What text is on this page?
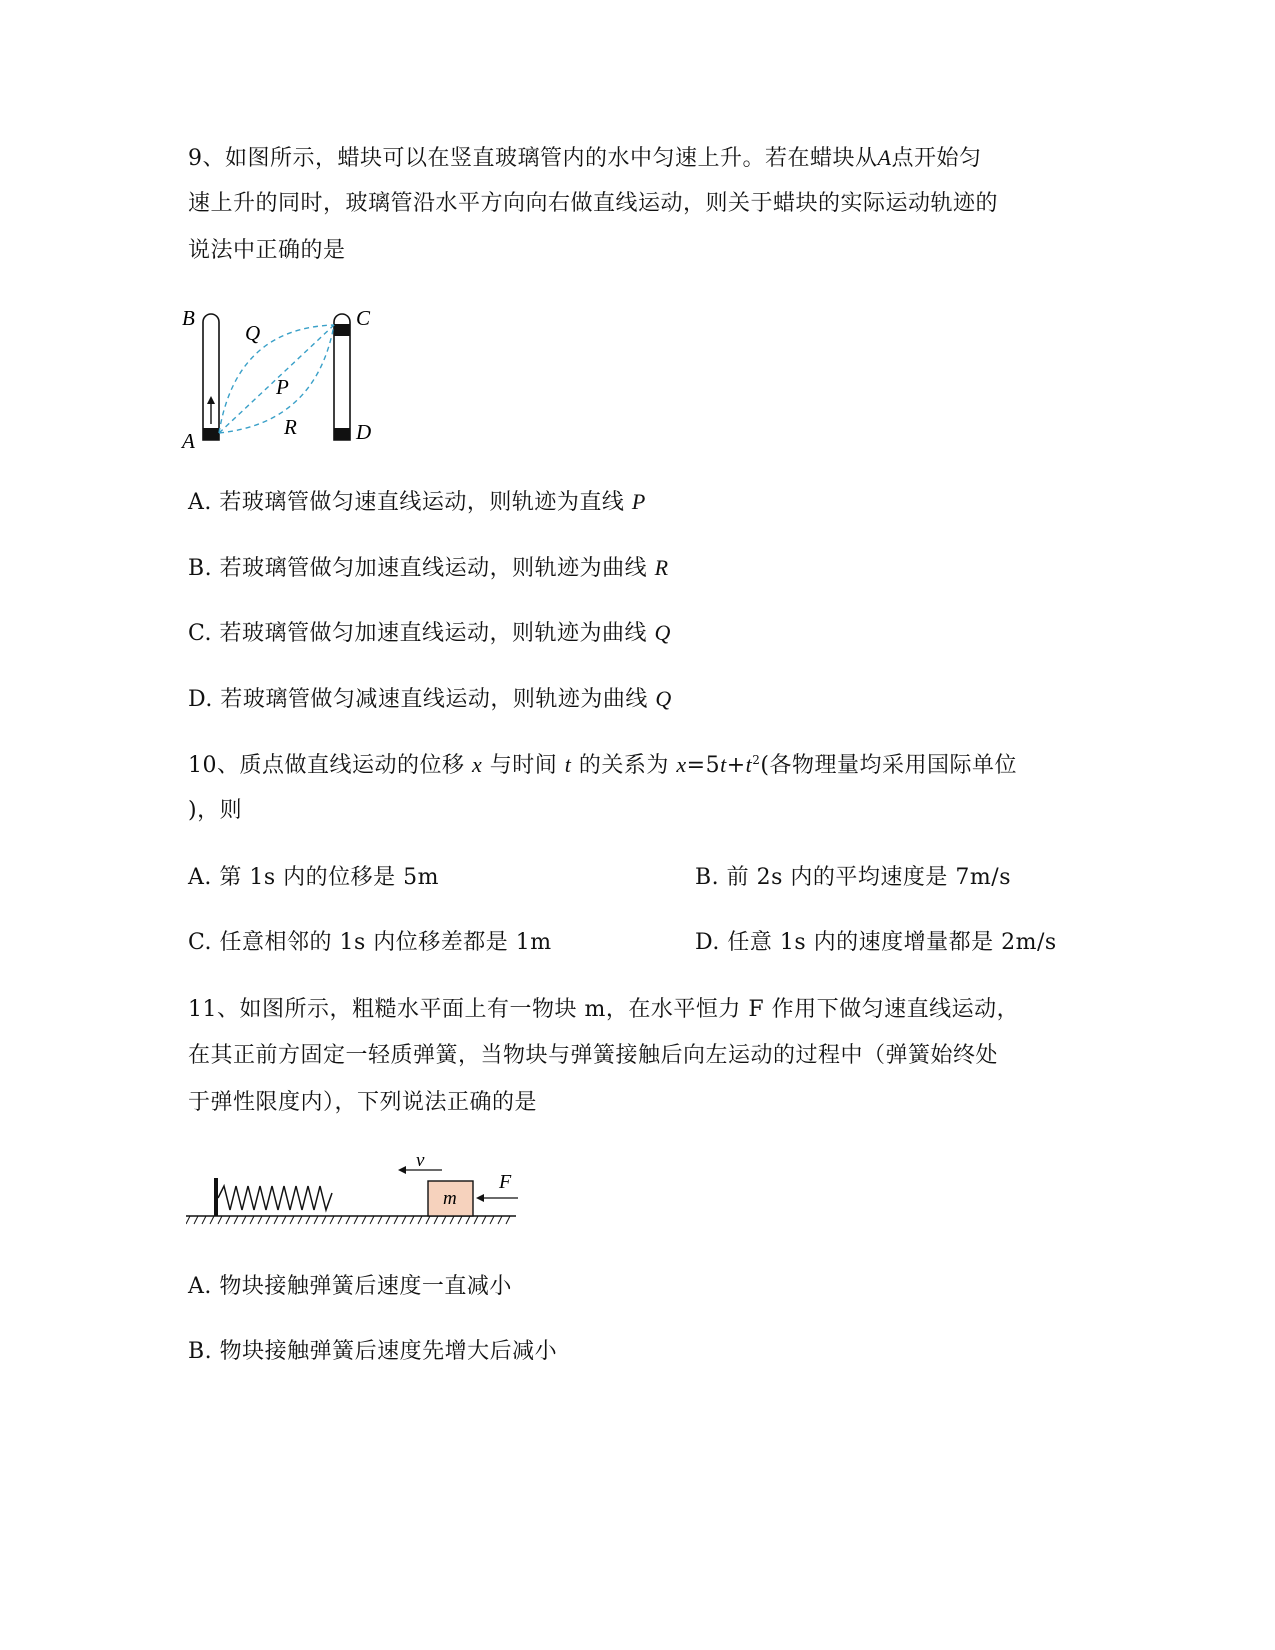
9、如图所示，蜡块可以在竖直玻璃管内的水中匀速上升。若在蜡块从A点开始匀
速上升的同时，玻璃管沿水平方向向右做直线运动，则关于蜡块的实际运动轨迹的
说法中正确的是
B
Q
C
P
R
A	D
A. 若玻璃管做匀速直线运动，则轨迹为直线 P
B. 若玻璃管做匀加速直线运动，则轨迹为曲线 R
C. 若玻璃管做匀加速直线运动，则轨迹为曲线 Q
D. 若玻璃管做匀减速直线运动，则轨迹为曲线 Q
10、质点做直线运动的位移 x 与时间 t 的关系为 $x=5t+t^2$(各物理量均采用国际单位
)，则
A. 第 1s 内的位移是 5m	B. 前 2s 内的平均速度是 7m/s
C. 任意相邻的 1s 内位移差都是 1m	D. 任意 1s 内的速度增量都是 2m/s
11、如图所示，粗糙水平面上有一物块 m，在水平恒力 F 作用下做匀速直线运动，
在其正前方固定一轻质弹簧，当物块与弹簧接触后向左运动的过程中（弹簧始终处
于弹性限度内），下列说法正确的是
m
v
F
A. 物块接触弹簧后速度一直减小
B. 物块接触弹簧后速度先增大后减小
